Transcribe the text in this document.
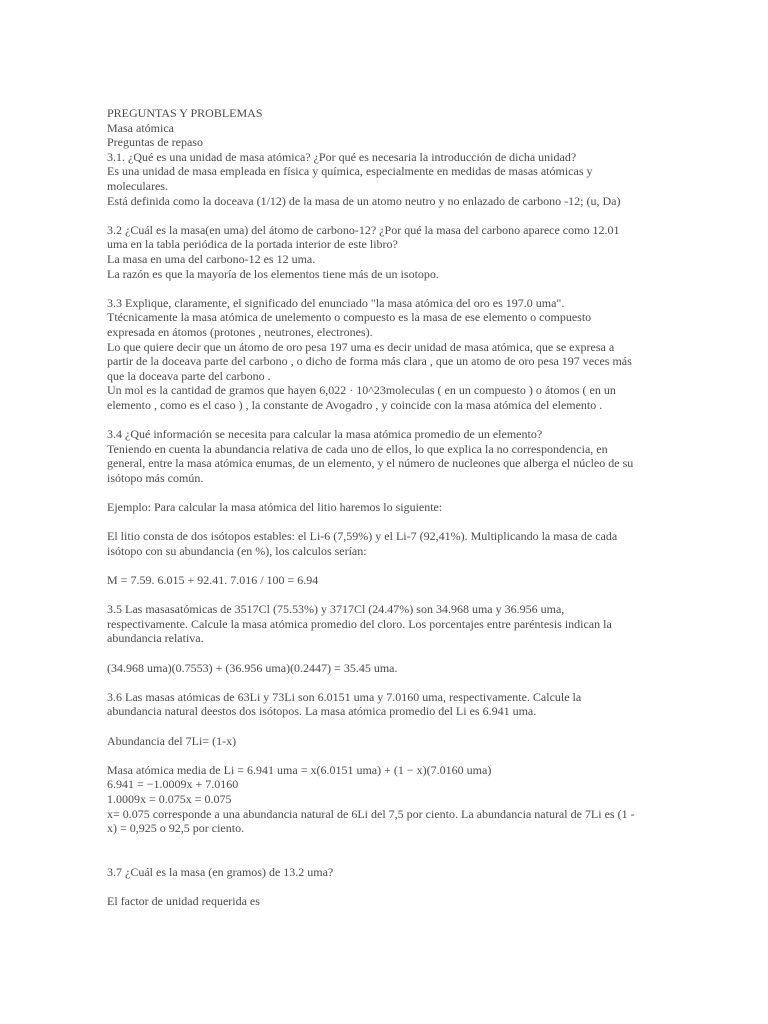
PREGUNTAS Y PROBLEMAS
Masa atómica
Preguntas de repaso
3.1. ¿Qué es una unidad de masa atómica? ¿Por qué es necesaria la introducción de dicha unidad?
Es una unidad de masa empleada en física y química, especialmente en medidas de masas atómicas y
moleculares.
Está definida como la doceava (1/12) de la masa de un atomo neutro y no enlazado de carbono -12; (u, Da)
3.2 ¿Cuál es la masa(en uma) del átomo de carbono-12? ¿Por qué la masa del carbono aparece como 12.01
uma en la tabla periódica de la portada interior de este libro?
La masa en uma del carbono-12 es 12 uma.
La razón es que la mayoría de los elementos tiene más de un isotopo.
3.3 Explique, claramente, el significado del enunciado "la masa atómica del oro es 197.0 uma".
Ttécnicamente la masa atómica de unelemento o compuesto es la masa de ese elemento o compuesto
expresada en átomos (protones , neutrones, electrones).
Lo que quiere decir que un átomo de oro pesa 197 uma es decir unidad de masa atómica, que se expresa a
partir de la doceava parte del carbono , o dicho de forma más clara , que un atomo de oro pesa 197 veces más
que la doceava parte del carbono .
Un mol es la cantidad de gramos que hayen 6,022 · 10^23moleculas ( en un compuesto ) o átomos ( en un
elemento , como es el caso ) , la constante de Avogadro , y coincide con la masa atómica del elemento .
3.4 ¿Qué información se necesita para calcular la masa atómica promedio de un elemento?
Teniendo en cuenta la abundancia relativa de cada uno de ellos, lo que explica la no correspondencia, en
general, entre la masa atómica enumas, de un elemento, y el número de nucleones que alberga el núcleo de su
isótopo más común.
Ejemplo: Para calcular la masa atómica del litio haremos lo siguiente:
El litio consta de dos isótopos estables: el Li-6 (7,59%) y el Li-7 (92,41%). Multiplicando la masa de cada
isótopo con su abundancia (en %), los calculos serían:
M = 7.59. 6.015 + 92.41. 7.016 / 100 = 6.94
3.5 Las masasatómicas de 3517Cl (75.53%) y 3717Cl (24.47%) son 34.968 uma y 36.956 uma,
respectivamente. Calcule la masa atómica promedio del cloro. Los porcentajes entre paréntesis indican la
abundancia relativa.
(34.968 uma)(0.7553) + (36.956 uma)(0.2447) = 35.45 uma.
3.6 Las masas atómicas de 63Li y 73Li son 6.0151 uma y 7.0160 uma, respectivamente. Calcule la
abundancia natural deestos dos isótopos. La masa atómica promedio del Li es 6.941 uma.
Abundancia del 7Li= (1-x)
Masa atómica media de Li = 6.941 uma = x(6.0151 uma) + (1 − x)(7.0160 uma)
6.941 = −1.0009x + 7.0160
1.0009x = 0.075x = 0.075
x= 0.075 corresponde a una abundancia natural de 6Li del 7,5 por ciento. La abundancia natural de 7Li es (1 -
x) = 0,925 o 92,5 por ciento.
3.7 ¿Cuál es la masa (en gramos) de 13.2 uma?
El factor de unidad requerida es
